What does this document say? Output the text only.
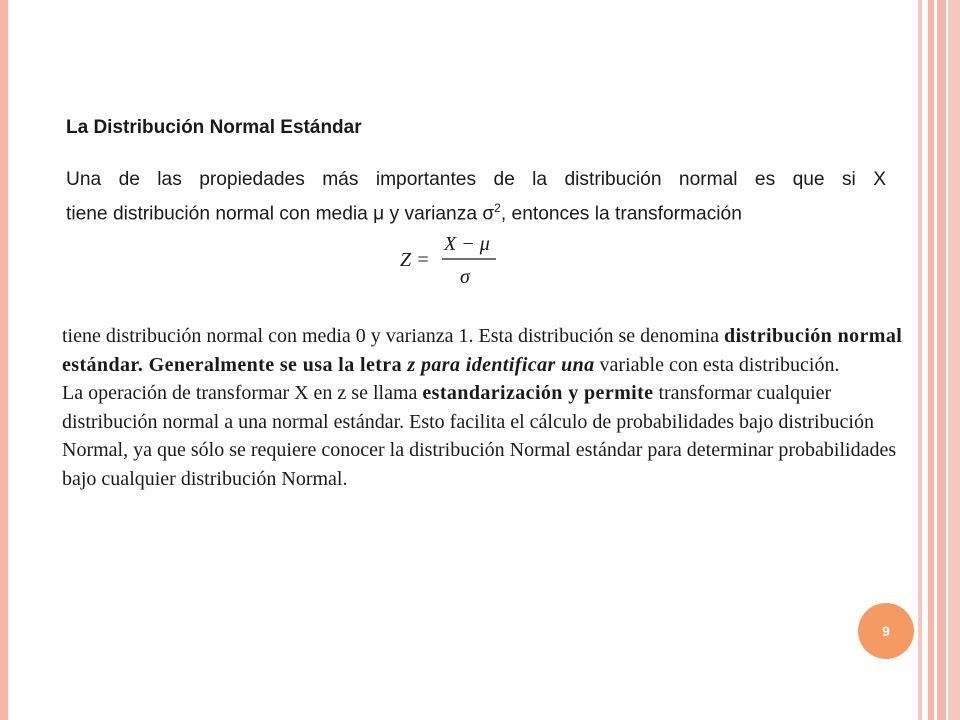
La Distribución Normal Estándar

Una de las propiedades más importantes de la distribución normal es que si X
tiene distribución normal con media μ y varianza $\sigma^2$, entonces la transformación

Z =
X − μ
σ

tiene distribución normal con media 0 y varianza 1. Esta distribución se denomina distribución normal estándar. Generalmente se usa la letra z para identificar una variable con esta distribución.
La operación de transformar X en z se llama estandarización y permite transformar cualquier distribución normal a una normal estándar. Esto facilita el cálculo de probabilidades bajo distribución Normal, ya que sólo se requiere conocer la distribución Normal estándar para determinar probabilidades bajo cualquier distribución Normal.

9
